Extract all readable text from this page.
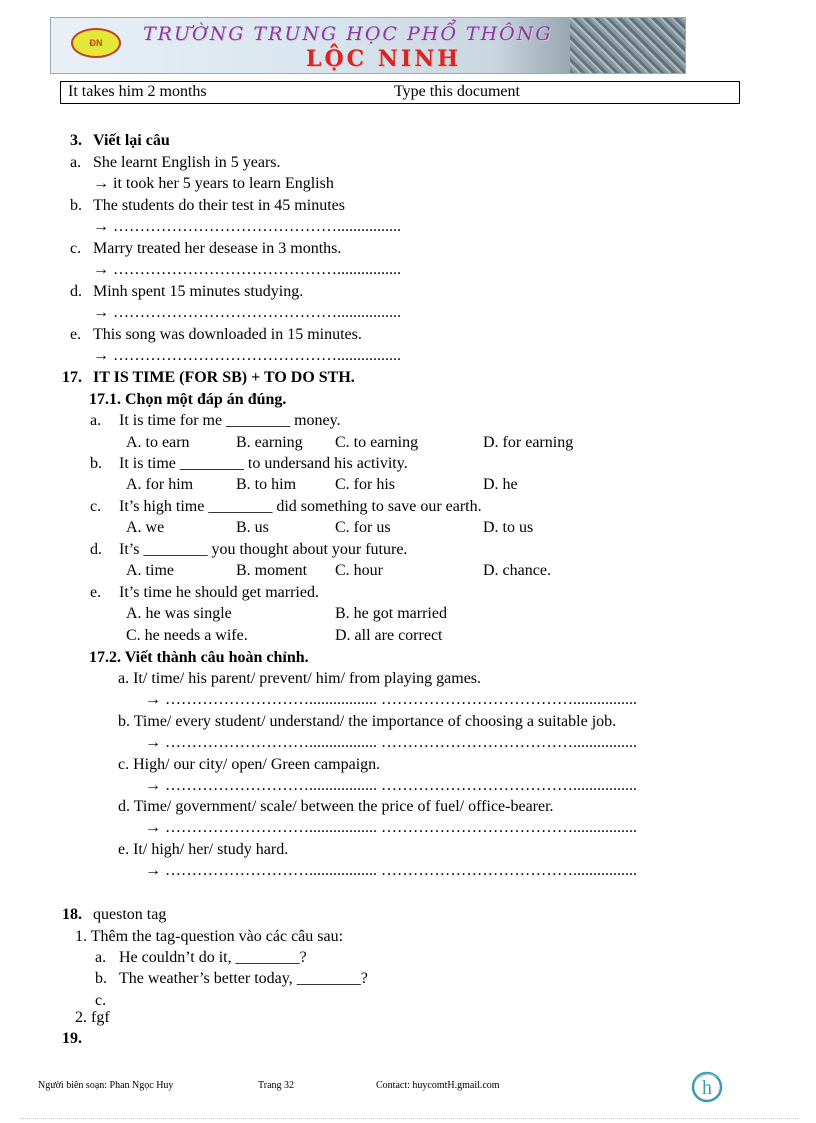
ĐN TRƯỜNG TRUNG HỌC PHỔ THÔNG
LỘC NINH
It takes him 2 months	Type this document
3. Viết lại câu
a. She learnt English in 5 years.
→ it took her 5 years to learn English
b. The students do their test in 45 minutes
→ ……………………………………................
c. Marry treated her desease in 3 months.
→ ……………………………………................
d. Minh spent 15 minutes studying.
→ ……………………………………................
e. This song was downloaded in 15 minutes.
→ ……………………………………................
17. IT IS TIME (FOR SB) + TO DO STH.
17.1. Chọn một đáp án đúng.
a. It is time for me ________ money.
A. to earn	B. earning C. to earning	D. for earning
b. It is time ________ to undersand his activity.
A. for him	B. to him C. for his	D. he
c. It’s high time ________ did something to save our earth.
A. we	B. us	C. for us	D. to us
d. It’s ________ you thought about your future.
A. time	B. moment C. hour	D. chance.
e. It’s time he should get married.
A. he was single	B. he got married
C. he needs a wife.	D. all are correct
17.2. Viết thành câu hoàn chỉnh.
a. It/ time/ his parent/ prevent/ him/ from playing games.
→ ………………………................. ………………………………................
b. Time/ every student/ understand/ the importance of choosing a suitable job.
→ ………………………................. ………………………………................
c. High/ our city/ open/ Green campaign.
→ ………………………................. ………………………………................
d. Time/ government/ scale/ between the price of fuel/ office-bearer.
→ ………………………................. ………………………………................
e. It/ high/ her/ study hard.
→ ………………………................. ………………………………................
18. queston tag
1. Thêm the tag-question vào các câu sau:
a. He couldn’t do it, ________?
b. The weather’s better today, ________?
c.
2. fgf
19.
Người biên soạn: Phan Ngọc Huy	Trang 32	Contact: huycomtH.gmail.com	h
